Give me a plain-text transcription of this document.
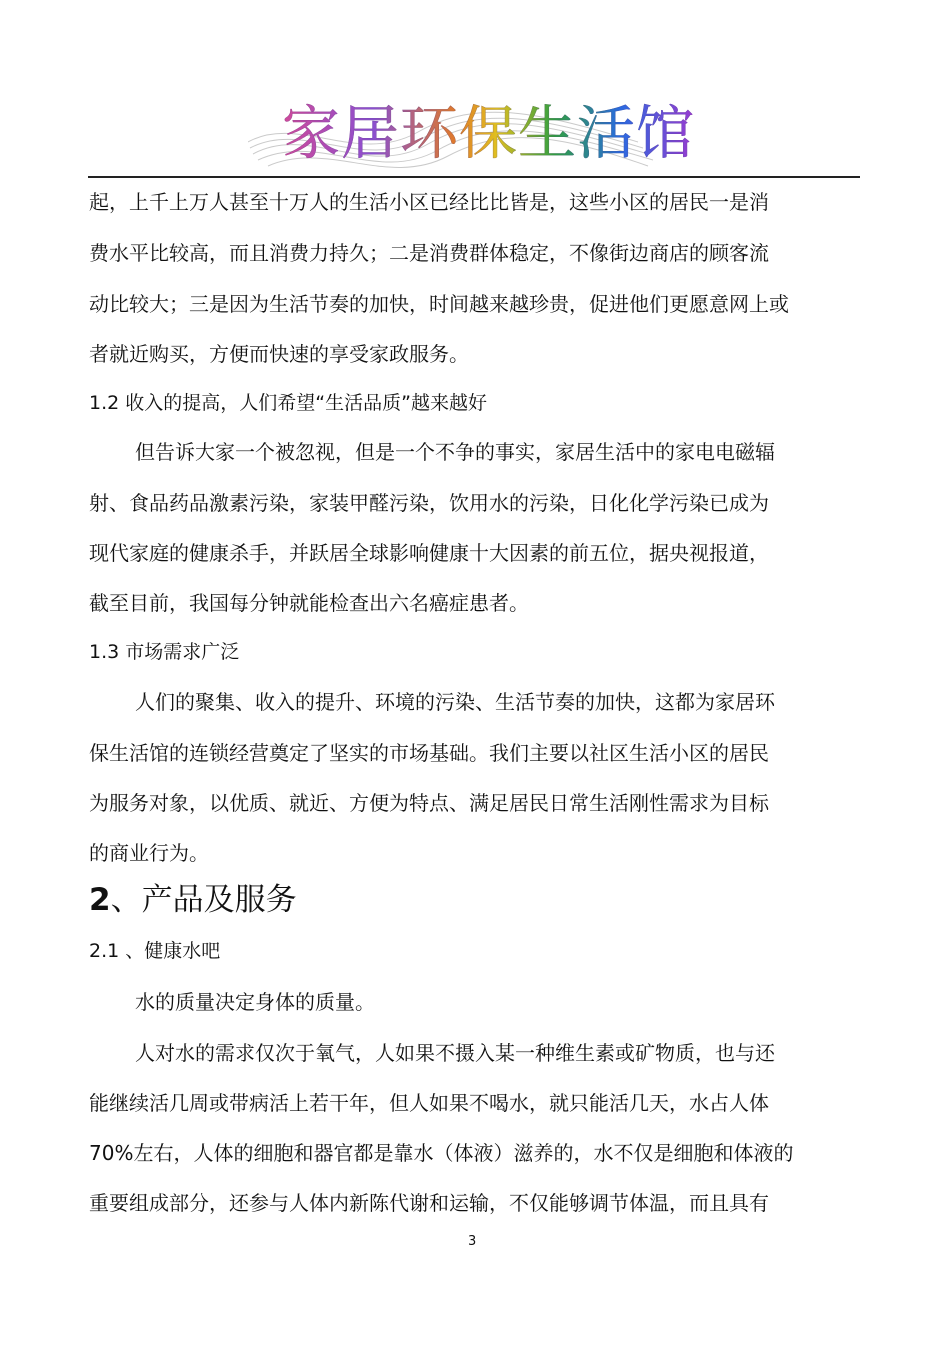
家居环保生活馆
起，上千上万人甚至十万人的生活小区已经比比皆是，这些小区的居民一是消
费水平比较高，而且消费力持久；二是消费群体稳定，不像街边商店的顾客流
动比较大；三是因为生活节奏的加快，时间越来越珍贵，促进他们更愿意网上或
者就近购买，方便而快速的享受家政服务。
1.2 收入的提高，人们希望“生活品质”越来越好
但告诉大家一个被忽视，但是一个不争的事实，家居生活中的家电电磁辐
射、食品药品激素污染，家装甲醛污染，饮用水的污染，日化化学污染已成为
现代家庭的健康杀手，并跃居全球影响健康十大因素的前五位，据央视报道，
截至目前，我国每分钟就能检查出六名癌症患者。
1.3 市场需求广泛
人们的聚集、收入的提升、环境的污染、生活节奏的加快，这都为家居环
保生活馆的连锁经营奠定了坚实的市场基础。我们主要以社区生活小区的居民
为服务对象，以优质、就近、方便为特点、满足居民日常生活刚性需求为目标
的商业行为。
2、产品及服务
2.1 、健康水吧
水的质量决定身体的质量。
人对水的需求仅次于氧气，人如果不摄入某一种维生素或矿物质，也与还
能继续活几周或带病活上若干年，但人如果不喝水，就只能活几天，水占人体
70%左右，人体的细胞和器官都是靠水（体液）滋养的，水不仅是细胞和体液的
重要组成部分，还参与人体内新陈代谢和运输，不仅能够调节体温，而且具有
3
